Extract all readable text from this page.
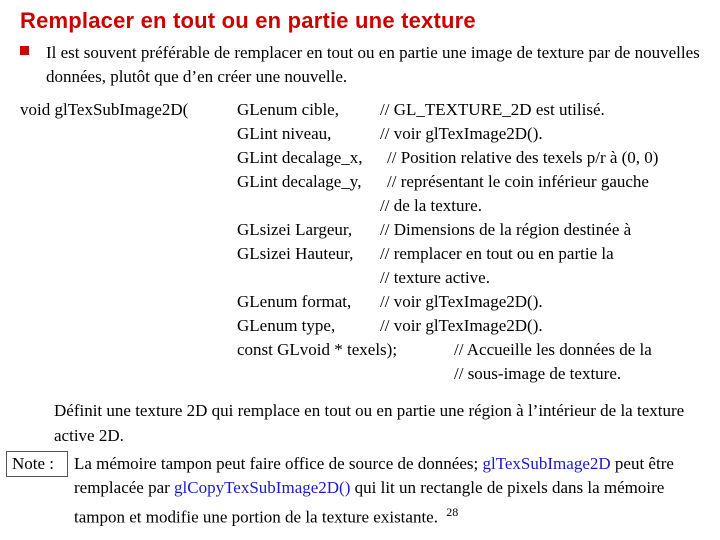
Remplacer en tout ou en partie une texture
Il est souvent préférable de remplacer en tout ou en partie une image de texture par de nouvelles données, plutôt que d’en créer une nouvelle.
void glTexSubImage2D(	GLenum cible, // GL_TEXTURE_2D est utilisé.
GLint niveau,	// voir glTexImage2D().
GLint decalage_x, // Position relative des texels p/r à (0, 0)
GLint decalage_y, // représentant le coin inférieur gauche
// de la texture.
GLsizei Largeur, // Dimensions de la région destinée à
GLsizei Hauteur, // remplacer en tout ou en partie la
// texture active.
GLenum format, // voir glTexImage2D().
GLenum type,	// voir glTexImage2D().
const GLvoid * texels);	// Accueille les données de la
// sous-image de texture.
Définit une texture 2D qui remplace en tout ou en partie une région à l’intérieur de la texture active 2D.
Note : La mémoire tampon peut faire office de source de données; glTexSubImage2D peut être remplacée par glCopyTexSubImage2D() qui lit un rectangle de pixels dans la mémoire tampon et modifie une portion de la texture existante. $^{28}$
